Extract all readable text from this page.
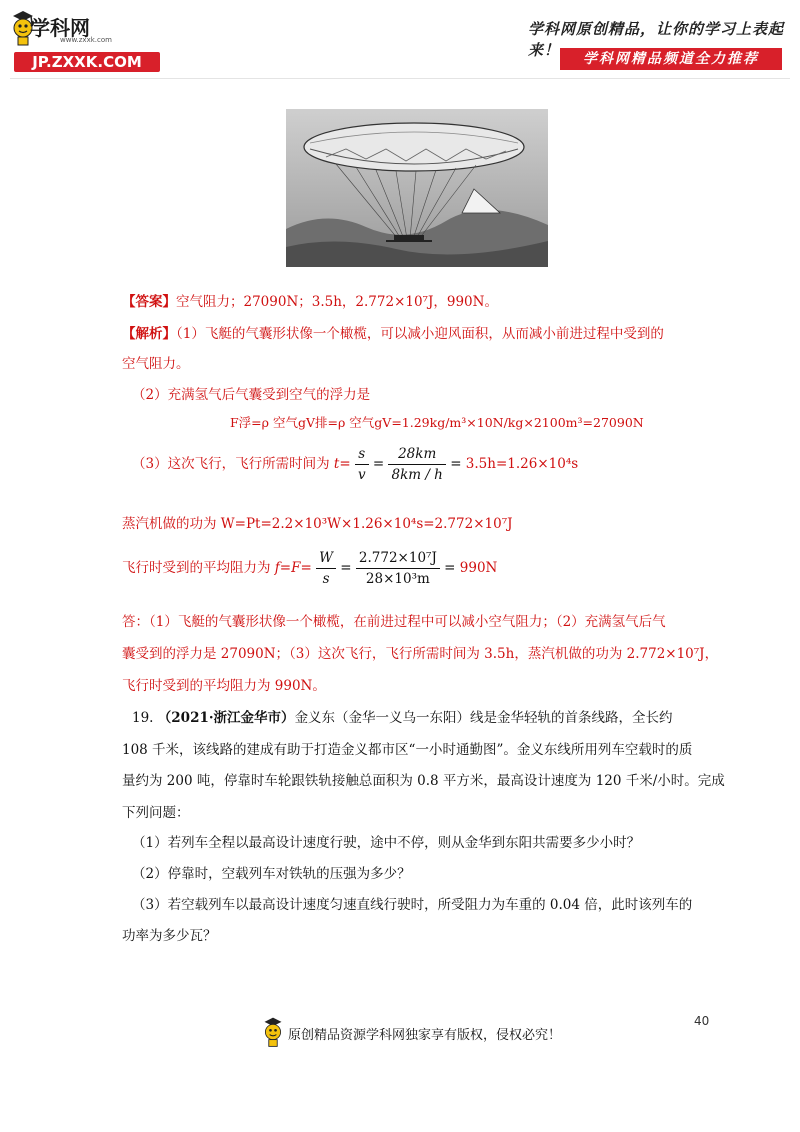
学科网
www.zxxk.com
JP.ZXXK.COM
学科网原创精品，让你的学习上表起来！	学科网精品频道全力推荐
【答案】空气阻力；27090N；3.5h，2.772×10⁷J，990N。
【解析】（1）飞艇的气囊形状像一个橄榄，可以减小迎风面积，从而减小前进过程中受到的
空气阻力。
（2）充满氢气后气囊受到空气的浮力是
F浮=ρ 空气gV排=ρ 空气gV=1.29kg/m³×10N/kg×2100m³=27090N
（3）这次飞行，飞行所需时间为 $t= \frac{s}{v} = \frac{28km}{8km / h} = 3.5h=1.26\times 10^4s$
蒸汽机做的功为 W=Pt=2.2×10³W×1.26×10⁴s=2.772×10⁷J
飞行时受到的平均阻力为 $f=F= \frac{W}{s} = \frac{\text{2.772×10⁷J}}{\text{28×10³m}} = 990N$
答：（1）飞艇的气囊形状像一个橄榄，在前进过程中可以减小空气阻力；（2）充满氢气后气
囊受到的浮力是 27090N；（3）这次飞行，飞行所需时间为 3.5h，蒸汽机做的功为 2.772×10⁷J，
飞行时受到的平均阻力为 990N。
19. （2021·浙江金华市）金义东（金华一义乌一东阳）线是金华轻轨的首条线路，全长约
108 千米，该线路的建成有助于打造金义都市区“一小时通勤图”。金义东线所用列车空载时的质
量约为 200 吨，停靠时车轮跟铁轨接触总面积为 0.8 平方米，最高设计速度为 120 千米/小时。完成
下列问题：
（1）若列车全程以最高设计速度行驶，途中不停，则从金华到东阳共需要多少小时？
（2）停靠时，空载列车对铁轨的压强为多少？
（3）若空载列车以最高设计速度匀速直线行驶时，所受阻力为车重的 0.04 倍，此时该列车的
功率为多少瓦？
40
原创精品资源学科网独家享有版权，侵权必究！
